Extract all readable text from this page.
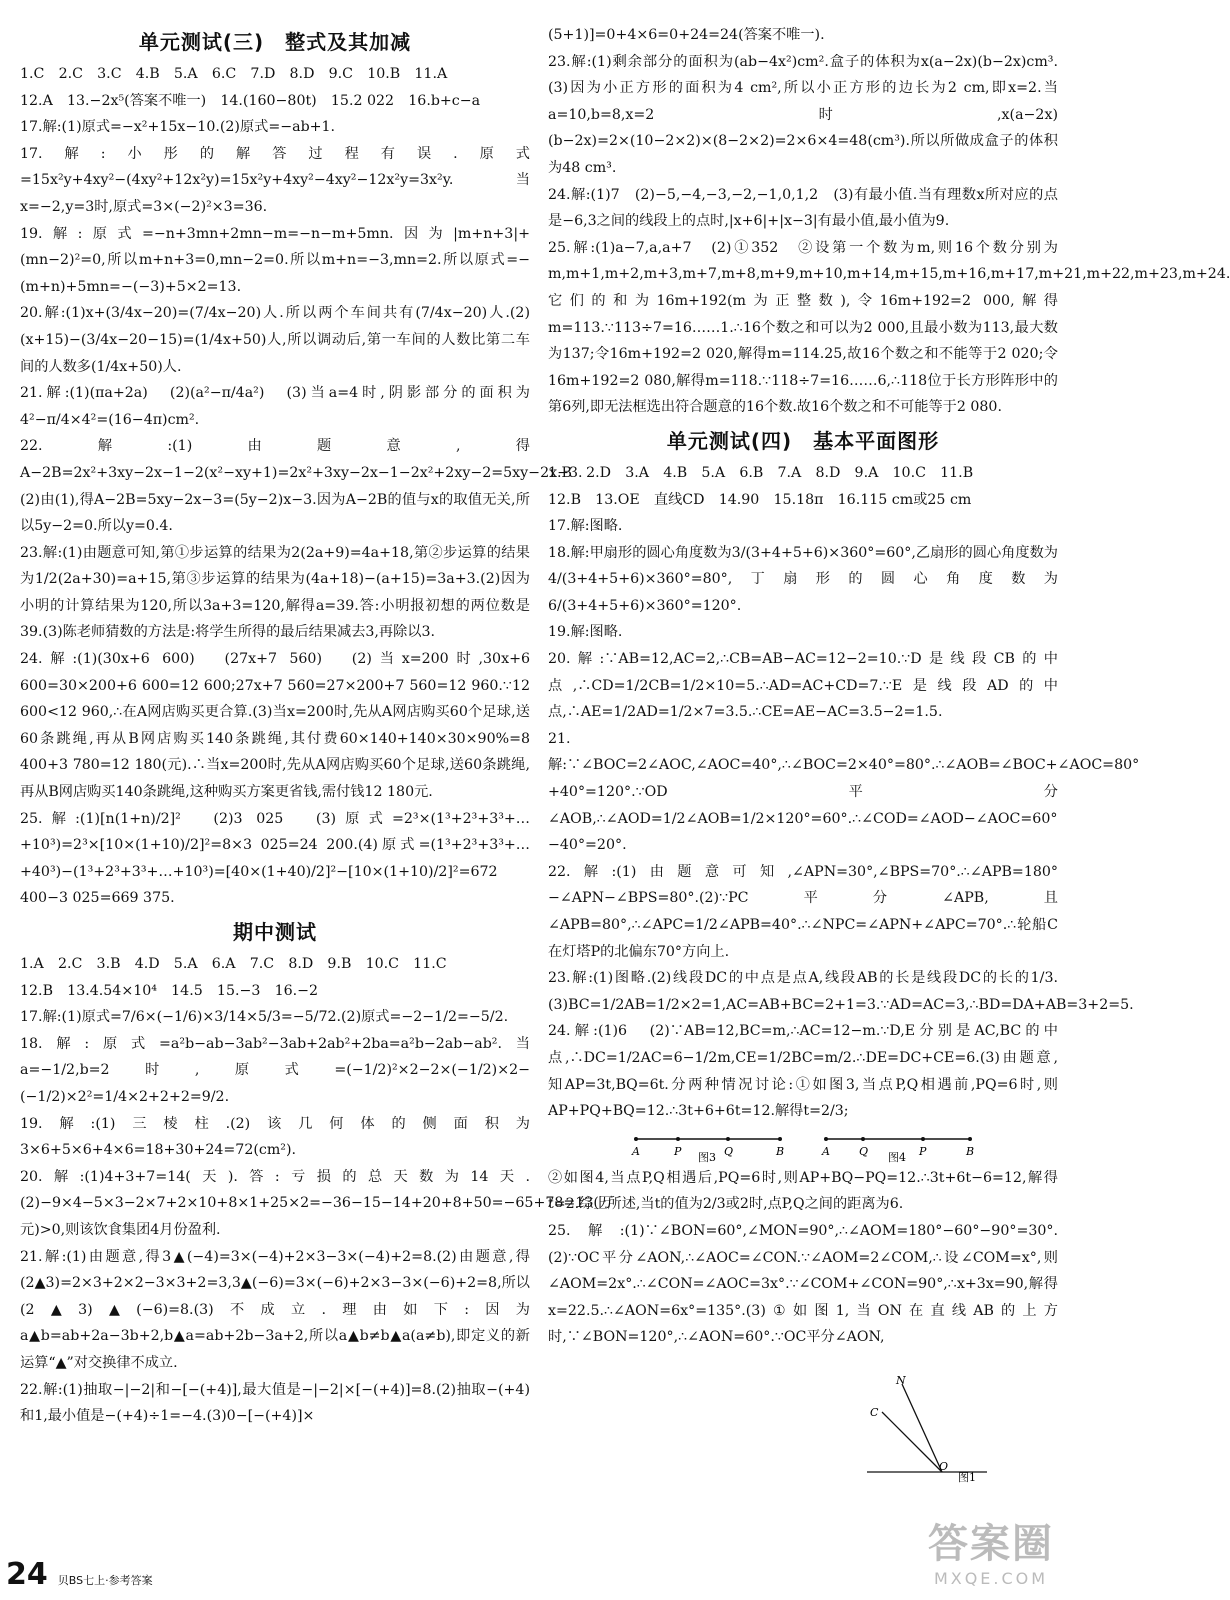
单元测试(三)　整式及其加减

1.C　2.C　3.C　4.B　5.A　6.C　7.D　8.D　9.C　10.B　11.A

12.A　13.−2x⁵(答案不唯一)　14.(160−80t)　15.2 022　16.b+c−a

17.解:(1)原式=−x²+15x−10.(2)原式=−ab+1.

17.解:小彤的解答过程有误.原式=15x²y+4xy²−(4xy²+12x²y)=15x²y+4xy²−4xy²−12x²y=3x²y.当x=−2,y=3时,原式=3×(−2)²×3=36.

19.解:原式=−n+3mn+2mn−m=−n−m+5mn.因为|m+n+3|+(mn−2)²=0,所以m+n+3=0,mn−2=0.所以m+n=−3,mn=2.所以原式=−(m+n)+5mn=−(−3)+5×2=13.

20.解:(1)x+(3/4x−20)=(7/4x−20)人.所以两个车间共有(7/4x−20)人.(2)(x+15)−(3/4x−20−15)=(1/4x+50)人,所以调动后,第一车间的人数比第二车间的人数多(1/4x+50)人.

21.解:(1)(πa+2a)　(2)(a²−π/4a²)　(3)当a=4时,阴影部分的面积为4²−π/4×4²=(16−4π)cm².

22.解:(1)由题意,得A−2B=2x²+3xy−2x−1−2(x²−xy+1)=2x²+3xy−2x−1−2x²+2xy−2=5xy−2x−3.(2)由(1),得A−2B=5xy−2x−3=(5y−2)x−3.因为A−2B的值与x的取值无关,所以5y−2=0.所以y=0.4.

23.解:(1)由题意可知,第①步运算的结果为2(2a+9)=4a+18,第②步运算的结果为1/2(2a+30)=a+15,第③步运算的结果为(4a+18)−(a+15)=3a+3.(2)因为小明的计算结果为120,所以3a+3=120,解得a=39.答:小明报初想的两位数是39.(3)陈老师猜数的方法是:将学生所得的最后结果减去3,再除以3.

24.解:(1)(30x+6 600)　(27x+7 560)　(2)当x=200时,30x+6 600=30×200+6 600=12 600;27x+7 560=27×200+7 560=12 960.∵12 600<12 960,∴在A网店购买更合算.(3)当x=200时,先从A网店购买60个足球,送60条跳绳,再从B网店购买140条跳绳,其付费60×140+140×30×90%=8 400+3 780=12 180(元).∴当x=200时,先从A网店购买60个足球,送60条跳绳,再从B网店购买140条跳绳,这种购买方案更省钱,需付钱12 180元.

25.解:(1)[n(1+n)/2]²　(2)3 025　(3)原式=2³×(1³+2³+3³+…+10³)=2³×[10×(1+10)/2]²=8×3 025=24 200.(4)原式=(1³+2³+3³+…+40³)−(1³+2³+3³+…+10³)=[40×(1+40)/2]²−[10×(1+10)/2]²=672 400−3 025=669 375.

期中测试

1.A　2.C　3.B　4.D　5.A　6.A　7.C　8.D　9.B　10.C　11.C

12.B　13.4.54×10⁴　14.5　15.−3　16.−2

17.解:(1)原式=7/6×(−1/6)×3/14×5/3=−5/72.(2)原式=−2−1/2=−5/2.

18.解:原式=a²b−ab−3ab²−3ab+2ab²+2ba=a²b−2ab−ab².当a=−1/2,b=2时,原式=(−1/2)²×2−2×(−1/2)×2−(−1/2)×2²=1/4×2+2+2=9/2.

19.解:(1)三棱柱.(2)该几何体的侧面积为3×6+5×6+4×6=18+30+24=72(cm²).

20.解:(1)4+3+7=14(天).答:亏损的总天数为14天.(2)−9×4−5×3−2×7+2×10+8×1+25×2=−36−15−14+20+8+50=−65+78=13(万元)>0,则该饮食集团4月份盈利.

21.解:(1)由题意,得3▲(−4)=3×(−4)+2×3−3×(−4)+2=8.(2)由题意,得(2▲3)=2×3+2×2−3×3+2=3,3▲(−6)=3×(−6)+2×3−3×(−6)+2=8,所以(2▲3)▲(−6)=8.(3)不成立.理由如下:因为a▲b=ab+2a−3b+2,b▲a=ab+2b−3a+2,所以a▲b≠b▲a(a≠b),即定义的新运算“▲”对交换律不成立.

22.解:(1)抽取−|−2|和−[−(+4)],最大值是−|−2|×[−(+4)]=8.(2)抽取−(+4)和1,最小值是−(+4)÷1=−4.(3)0−[−(+4)]×

(5+1)]=0+4×6=0+24=24(答案不唯一).

23.解:(1)剩余部分的面积为(ab−4x²)cm².盒子的体积为x(a−2x)(b−2x)cm³.(3)因为小正方形的面积为4 cm²,所以小正方形的边长为2 cm,即x=2.当a=10,b=8,x=2时,x(a−2x)(b−2x)=2×(10−2×2)×(8−2×2)=2×6×4=48(cm³).所以所做成盒子的体积为48 cm³.

24.解:(1)7　(2)−5,−4,−3,−2,−1,0,1,2　(3)有最小值.当有理数x所对应的点是−6,3之间的线段上的点时,|x+6|+|x−3|有最小值,最小值为9.

25.解:(1)a−7,a,a+7　(2)①352　②设第一个数为m,则16个数分别为m,m+1,m+2,m+3,m+7,m+8,m+9,m+10,m+14,m+15,m+16,m+17,m+21,m+22,m+23,m+24.它们的和为16m+192(m为正整数),令16m+192=2 000,解得m=113.∵113÷7=16……1.∴16个数之和可以为2 000,且最小数为113,最大数为137;令16m+192=2 020,解得m=114.25,故16个数之和不能等于2 020;令16m+192=2 080,解得m=118.∵118÷7=16……6,∴118位于长方形阵形中的第6列,即无法框选出符合题意的16个数.故16个数之和不可能等于2 080.

单元测试(四)　基本平面图形

1.B　2.D　3.A　4.B　5.A　6.B　7.A　8.D　9.A　10.C　11.B

12.B　13.OE　直线CD　14.90　15.18π　16.115 cm或25 cm

17.解:图略.

18.解:甲扇形的圆心角度数为3/(3+4+5+6)×360°=60°,乙扇形的圆心角度数为4/(3+4+5+6)×360°=80°,丁扇形的圆心角度数为6/(3+4+5+6)×360°=120°.

19.解:图略.

20.解:∵AB=12,AC=2,∴CB=AB−AC=12−2=10.∵D是线段CB的中点,∴CD=1/2CB=1/2×10=5.∴AD=AC+CD=7.∵E是线段AD的中点,∴AE=1/2AD=1/2×7=3.5.∴CE=AE−AC=3.5−2=1.5.

21.解:∵∠BOC=2∠AOC,∠AOC=40°,∴∠BOC=2×40°=80°.∴∠AOB=∠BOC+∠AOC=80°+40°=120°.∵OD平分∠AOB,∴∠AOD=1/2∠AOB=1/2×120°=60°.∴∠COD=∠AOD−∠AOC=60°−40°=20°.

22.解:(1)由题意可知,∠APN=30°,∠BPS=70°.∴∠APB=180°−∠APN−∠BPS=80°.(2)∵PC平分∠APB,且∠APB=80°,∴∠APC=1/2∠APB=40°.∴∠NPC=∠APN+∠APC=70°.∴轮船C在灯塔P的北偏东70°方向上.

23.解:(1)图略.(2)线段DC的中点是点A,线段AB的长是线段DC的长的1/3.(3)BC=1/2AB=1/2×2=1,AC=AB+BC=2+1=3.∵AD=AC=3,∴BD=DA+AB=3+2=5.

24.解:(1)6　(2)∵AB=12,BC=m,∴AC=12−m.∵D,E分别是AC,BC的中点,∴DC=1/2AC=6−1/2m,CE=1/2BC=m/2.∴DE=DC+CE=6.(3)由题意,知AP=3t,BQ=6t.分两种情况讨论:①如图3,当点P,Q相遇前,PQ=6时,则AP+PQ+BQ=12.∴3t+6+6t=12.解得t=2/3;

A	P	Q	B
图3	A	Q	P	B
图4

②如图4,当点P,Q相遇后,PQ=6时,则AP+BQ−PQ=12.∴3t+6t−6=12,解得t=2.综上所述,当t的值为2/3或2时,点P,Q之间的距离为6.

25.解:(1)∵∠BON=60°,∠MON=90°,∴∠AOM=180°−60°−90°=30°.(2)∵OC平分∠AON,∴∠AOC=∠CON.∵∠AOM=2∠COM,∴设∠COM=x°,则∠AOM=2x°.∴∠CON=∠AOC=3x°.∵∠COM+∠CON=90°,∴x+3x=90,解得x=22.5.∴∠AON=6x°=135°.(3)①如图1,当ON在直线AB的上方时,∵∠BON=120°,∴∠AON=60°.∵OC平分∠AON,

N
C
O
图1
24 贝BS七上·参考答案
答案圈
MXQE.COM
